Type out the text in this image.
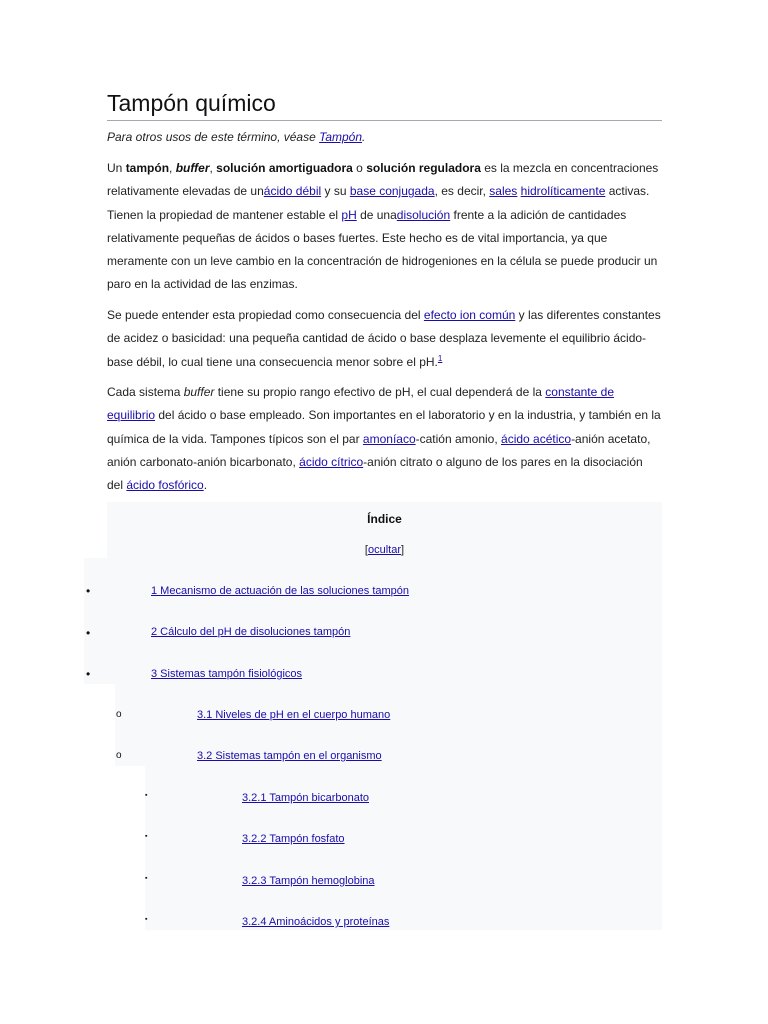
Tampón químico
Para otros usos de este término, véase Tampón.

Un tampón, buffer, solución amortiguadora o solución reguladora es la mezcla en concentraciones relativamente elevadas de unácido débil y su base conjugada, es decir, sales hidrolíticamente activas. Tienen la propiedad de mantener estable el pH de unadisolución frente a la adición de cantidades relativamente pequeñas de ácidos o bases fuertes. Este hecho es de vital importancia, ya que meramente con un leve cambio en la concentración de hidrogeniones en la célula se puede producir un paro en la actividad de las enzimas.

Se puede entender esta propiedad como consecuencia del efecto ion común y las diferentes constantes de acidez o basicidad: una pequeña cantidad de ácido o base desplaza levemente el equilibrio ácido-base débil, lo cual tiene una consecuencia menor sobre el pH.$^1$

Cada sistema buffer tiene su propio rango efectivo de pH, el cual dependerá de la constante de equilibrio del ácido o base empleado. Son importantes en el laboratorio y en la industria, y también en la química de la vida. Tampones típicos son el par amoníaco-catión amonio, ácido acético-anión acetato, anión carbonato-anión bicarbonato, ácido cítrico-anión citrato o alguno de los pares en la disociación del ácido fosfórico.

Índice
[ocultar]
•	1 Mecanismo de actuación de las soluciones tampón
•	2 Cálculo del pH de disoluciones tampón
•	3 Sistemas tampón fisiológicos
o	3.1 Niveles de pH en el cuerpo humano
o	3.2 Sistemas tampón en el organismo
▪	3.2.1 Tampón bicarbonato
▪	3.2.2 Tampón fosfato
▪	3.2.3 Tampón hemoglobina
▪	3.2.4 Aminoácidos y proteínas
